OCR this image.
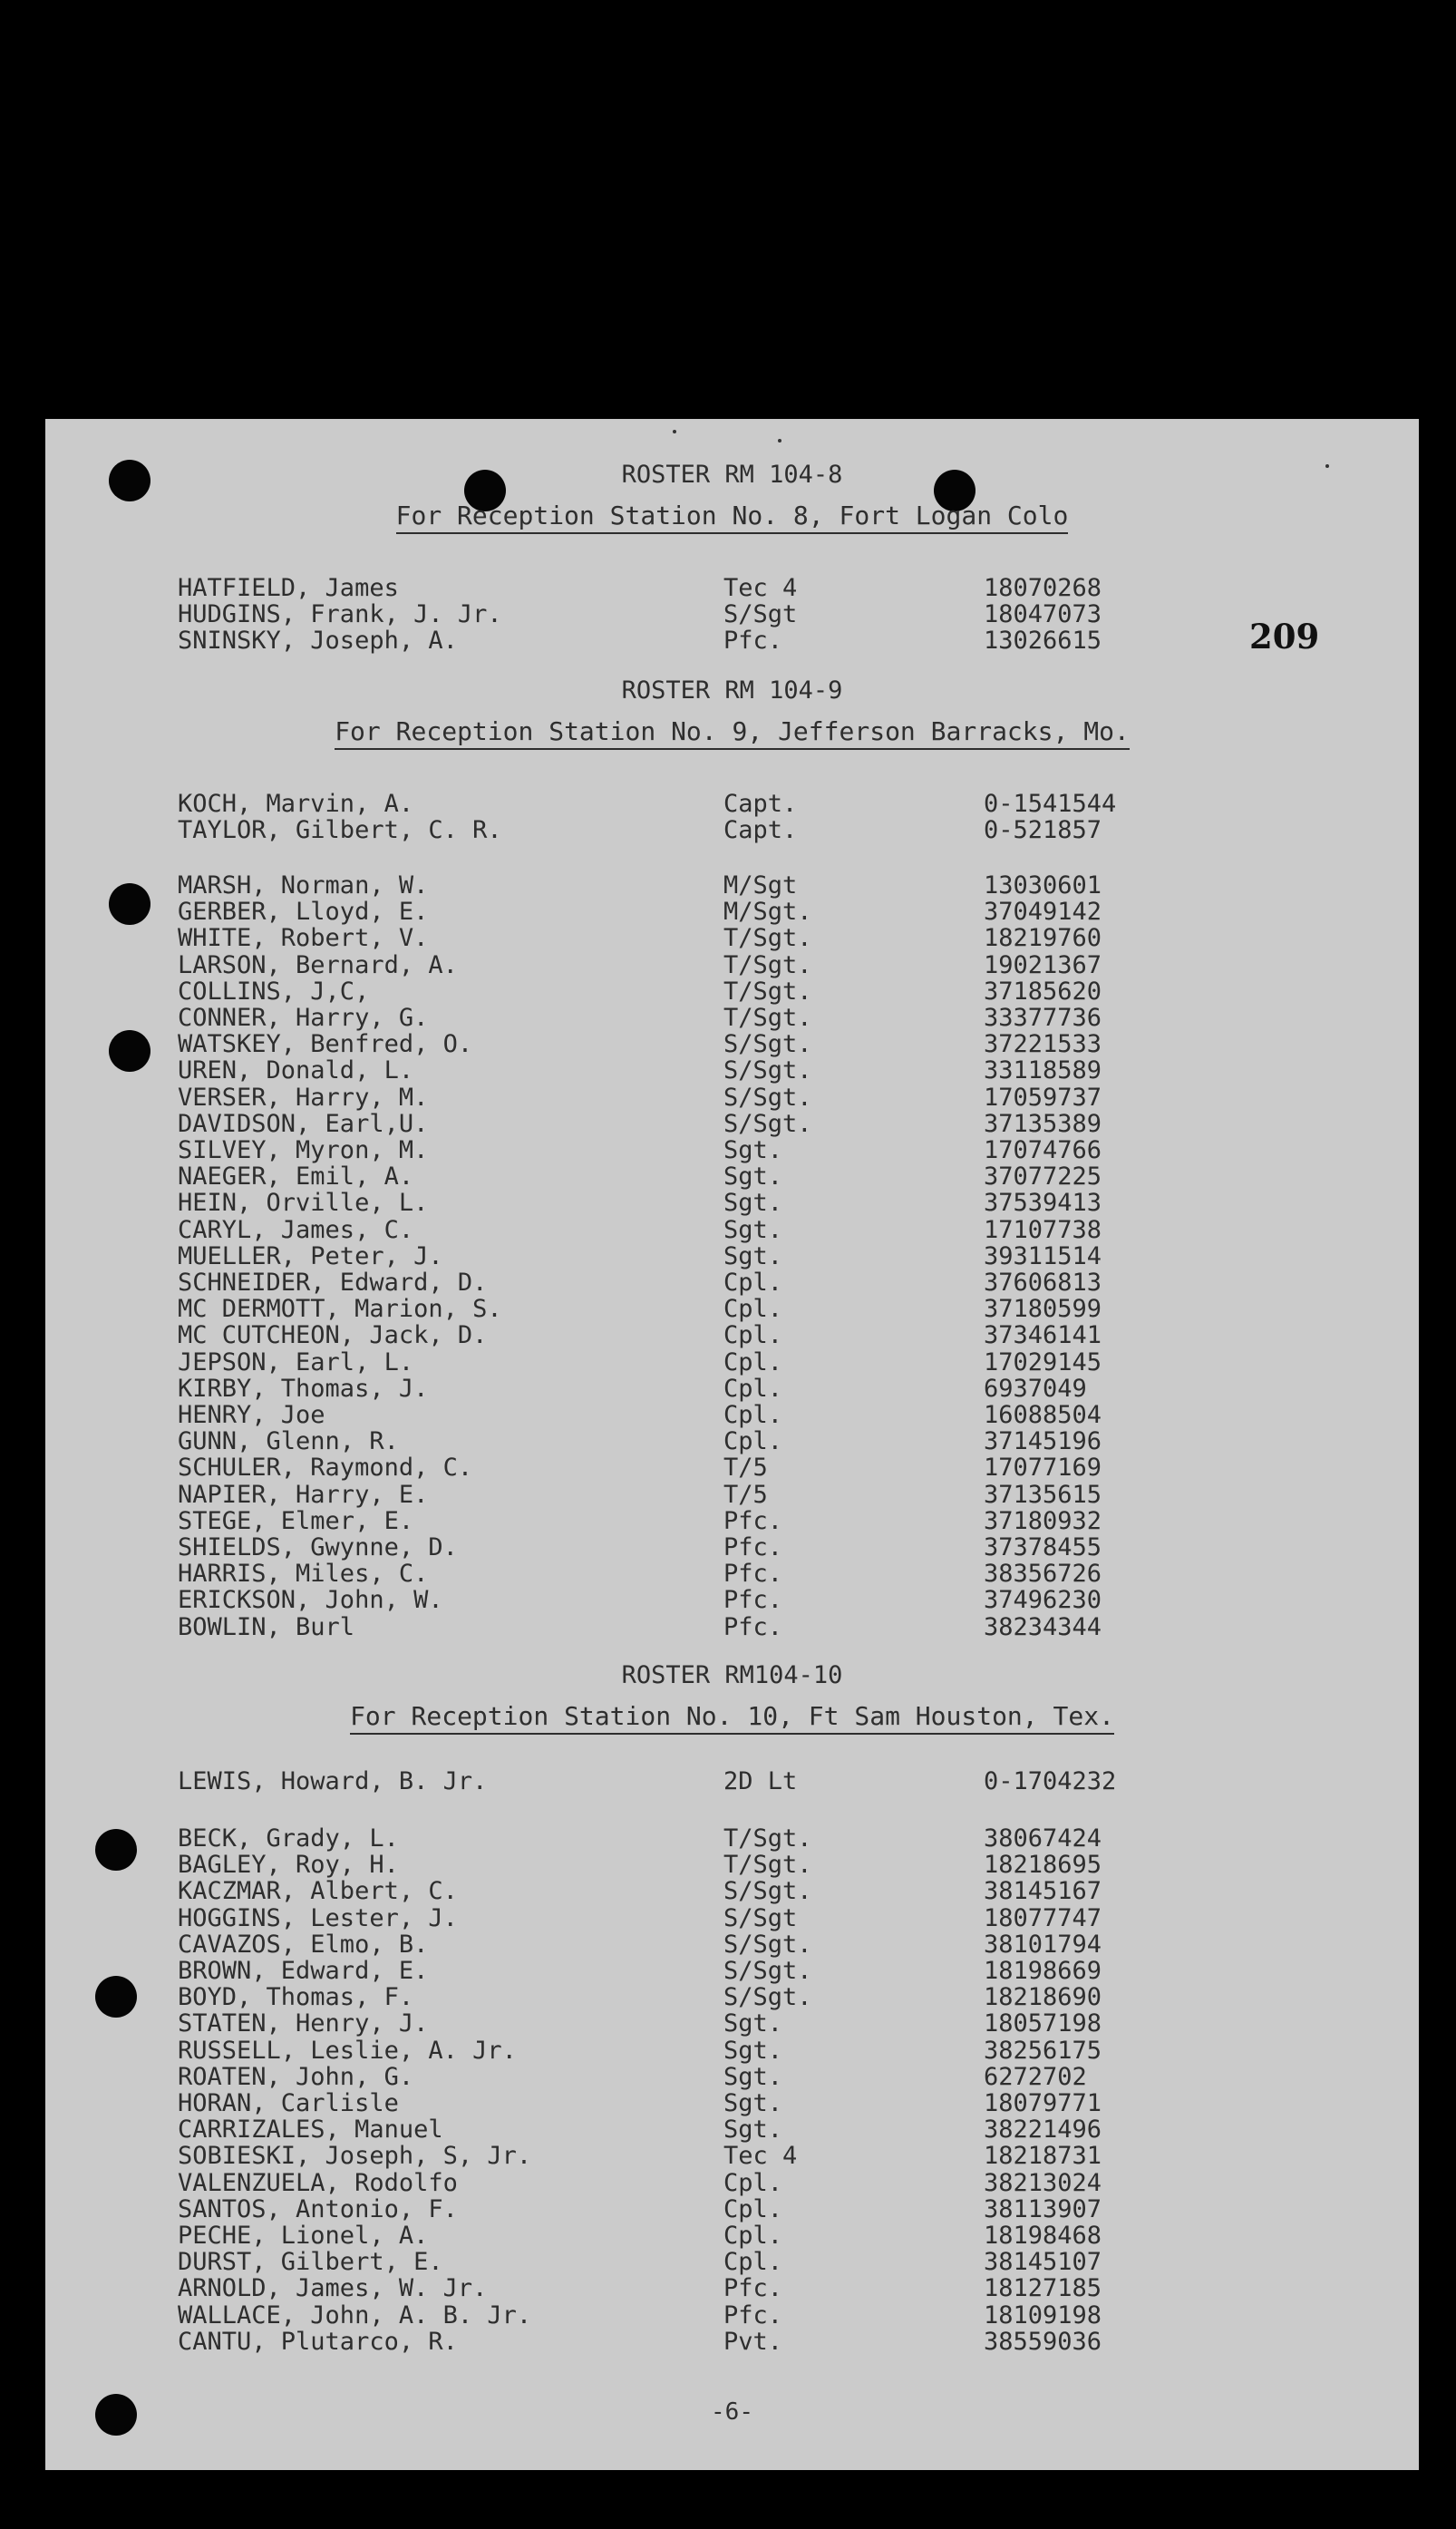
209
-6-
ROSTER RM 104-8
For Reception Station No. 8, Fort Logan Colo
HATFIELD, James	Tec 4	18070268
HUDGINS, Frank, J. Jr.	S/Sgt	18047073
SNINSKY, Joseph, A.	Pfc.	13026615
ROSTER RM 104-9
For Reception Station No. 9, Jefferson Barracks, Mo.
KOCH, Marvin, A.	Capt.	0-1541544
TAYLOR, Gilbert, C. R.	Capt.	0-521857
MARSH, Norman, W.	M/Sgt	13030601
GERBER, Lloyd, E.	M/Sgt.	37049142
WHITE, Robert, V.	T/Sgt.	18219760
LARSON, Bernard, A.	T/Sgt.	19021367
COLLINS, J,C,	T/Sgt.	37185620
CONNER, Harry, G.	T/Sgt.	33377736
WATSKEY, Benfred, O.	S/Sgt.	37221533
UREN, Donald, L.	S/Sgt.	33118589
VERSER, Harry, M.	S/Sgt.	17059737
DAVIDSON, Earl,U.	S/Sgt.	37135389
SILVEY, Myron, M.	Sgt.	17074766
NAEGER, Emil, A.	Sgt.	37077225
HEIN, Orville, L.	Sgt.	37539413
CARYL, James, C.	Sgt.	17107738
MUELLER, Peter, J.	Sgt.	39311514
SCHNEIDER, Edward, D.	Cpl.	37606813
MC DERMOTT, Marion, S.	Cpl.	37180599
MC CUTCHEON, Jack, D.	Cpl.	37346141
JEPSON, Earl, L.	Cpl.	17029145
KIRBY, Thomas, J.	Cpl.	6937049
HENRY, Joe	Cpl.	16088504
GUNN, Glenn, R.	Cpl.	37145196
SCHULER, Raymond, C.	T/5	17077169
NAPIER, Harry, E.	T/5	37135615
STEGE, Elmer, E.	Pfc.	37180932
SHIELDS, Gwynne, D.	Pfc.	37378455
HARRIS, Miles, C.	Pfc.	38356726
ERICKSON, John, W.	Pfc.	37496230
BOWLIN, Burl	Pfc.	38234344
ROSTER RM104-10
For Reception Station No. 10, Ft Sam Houston, Tex.
LEWIS, Howard, B. Jr.	2D Lt	0-1704232
BECK, Grady, L.	T/Sgt.	38067424
BAGLEY, Roy, H.	T/Sgt.	18218695
KACZMAR, Albert, C.	S/Sgt.	38145167
HOGGINS, Lester, J.	S/Sgt	18077747
CAVAZOS, Elmo, B.	S/Sgt.	38101794
BROWN, Edward, E.	S/Sgt.	18198669
BOYD, Thomas, F.	S/Sgt.	18218690
STATEN, Henry, J.	Sgt.	18057198
RUSSELL, Leslie, A. Jr.	Sgt.	38256175
ROATEN, John, G.	Sgt.	6272702
HORAN, Carlisle	Sgt.	18079771
CARRIZALES, Manuel	Sgt.	38221496
SOBIESKI, Joseph, S, Jr.	Tec 4	18218731
VALENZUELA, Rodolfo	Cpl.	38213024
SANTOS, Antonio, F.	Cpl.	38113907
PECHE, Lionel, A.	Cpl.	18198468
DURST, Gilbert, E.	Cpl.	38145107
ARNOLD, James, W. Jr.	Pfc.	18127185
WALLACE, John, A. B. Jr.	Pfc.	18109198
CANTU, Plutarco, R.	Pvt.	38559036
